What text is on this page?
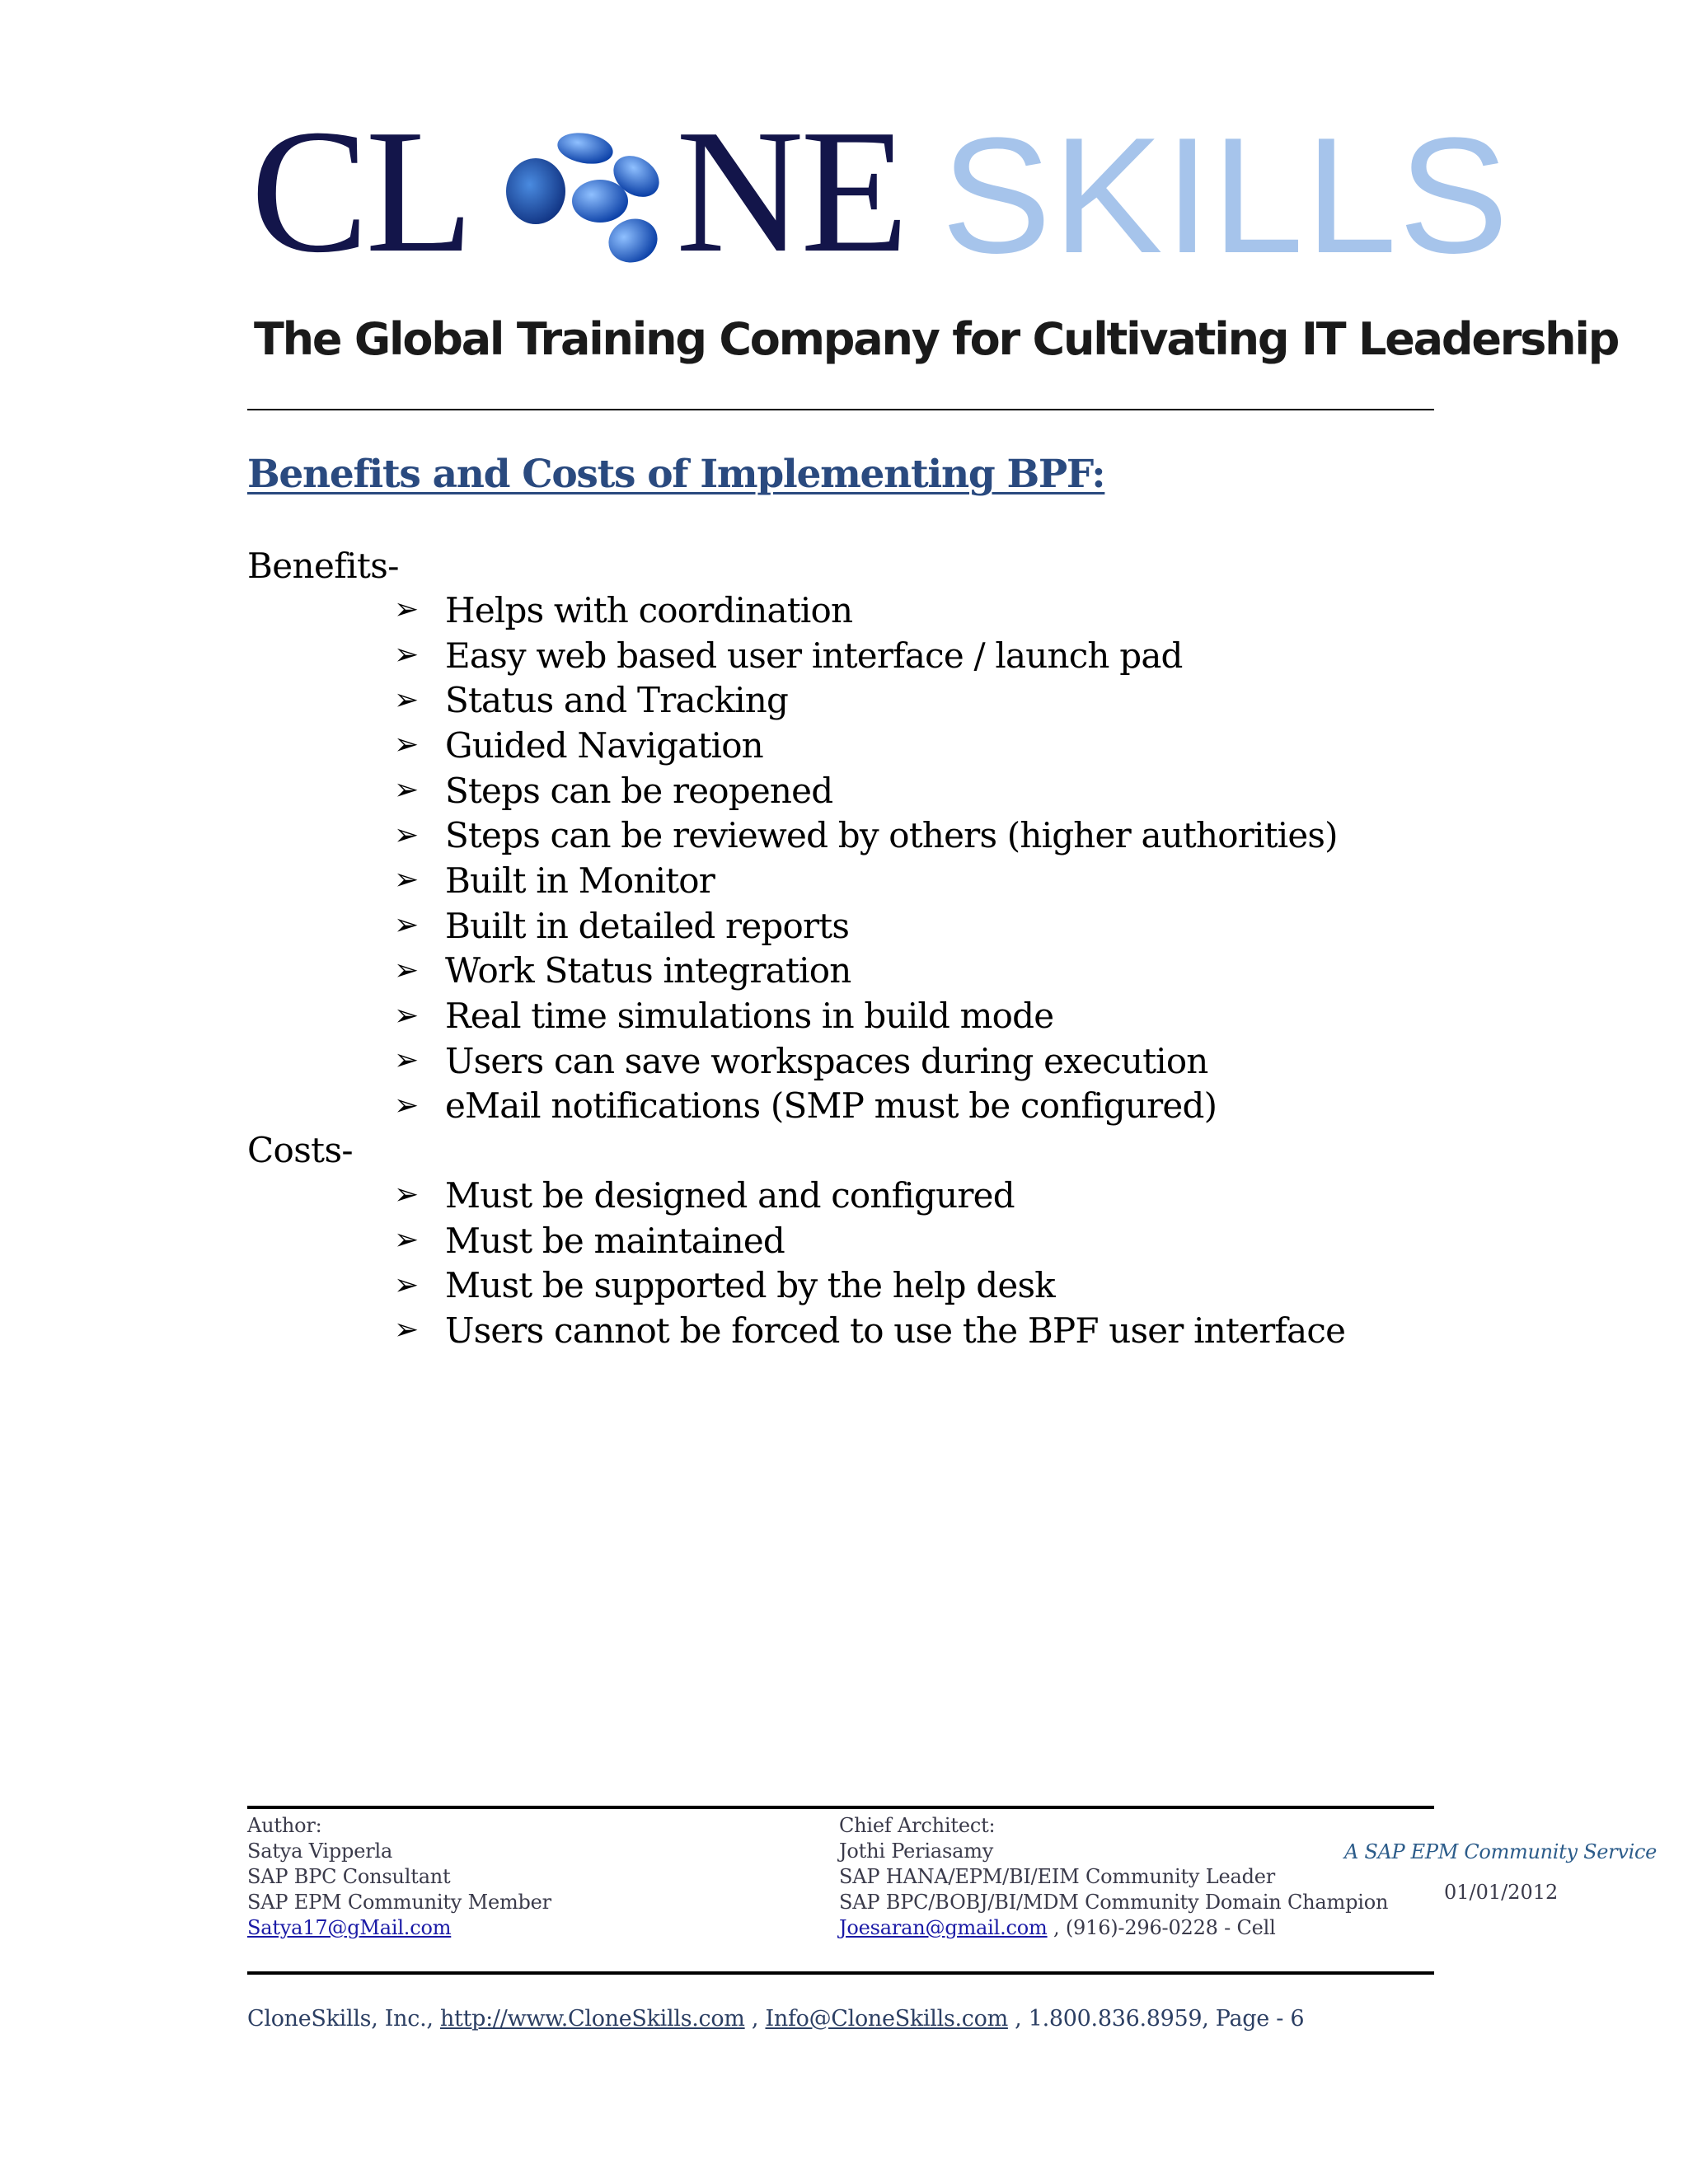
CL NE SKILLS
The Global Training Company for Cultivating IT Leadership
Benefits and Costs of Implementing BPF:
Benefits-
➢ Helps with coordination
➢ Easy web based user interface / launch pad
➢ Status and Tracking
➢ Guided Navigation
➢ Steps can be reopened
➢ Steps can be reviewed by others (higher authorities)
➢ Built in Monitor
➢ Built in detailed reports
➢ Work Status integration
➢ Real time simulations in build mode
➢ Users can save workspaces during execution
➢ eMail notifications (SMP must be configured)
Costs-
➢ Must be designed and configured
➢ Must be maintained
➢ Must be supported by the help desk
➢ Users cannot be forced to use the BPF user interface
Author:
Satya Vipperla
SAP BPC Consultant
SAP EPM Community Member
Satya17@gMail.com
Chief Architect:
Jothi Periasamy
SAP HANA/EPM/BI/EIM Community Leader
SAP BPC/BOBJ/BI/MDM Community Domain Champion
Joesaran@gmail.com , (916)-296-0228 - Cell
A SAP EPM Community Service
01/01/2012
CloneSkills, Inc., http://www.CloneSkills.com , Info@CloneSkills.com , 1.800.836.8959, Page - 6
